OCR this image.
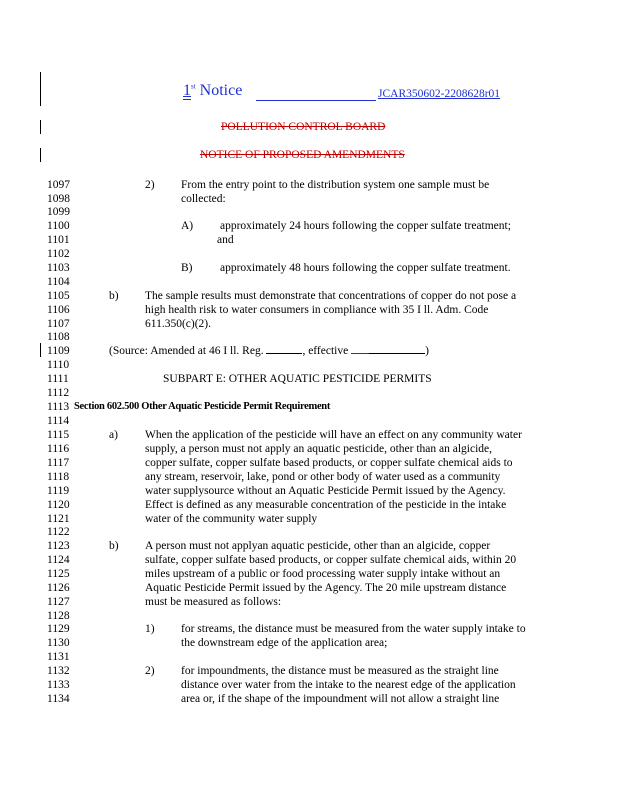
1st Notice	JCAR350602-2208628r01
POLLUTION CONTROL BOARD
NOTICE OF PROPOSED AMENDMENTS
1097
1098
1099
1100
1101
1102
1103
1104
1105
1106
1107
1108
1109
1110
1111
1112
1113
1114
1115
1116
1117
1118
1119
1120
1121
1122
1123
1124
1125
1126
1127
1128
1129
1130
1131
1132
1133
1134
2) From the entry point to the distribution system one sample must be
collected:
A) approximately 24 hours following the copper sulfate treatment;
and
B) approximately 48 hours following the copper sulfate treatment.
b) The sample results must demonstrate that concentrations of copper do not pose a
high health risk to water consumers in compliance with 35 I ll. Adm. Code
611.350(c)(2).
(Source: Amended at 46 I ll. Reg.	, effective	)
SUBPART E: OTHER AQUATIC PESTICIDE PERMITS
Section 602.500 Other Aquatic Pesticide Permit Requirement
a) When the application of the pesticide will have an effect on any community water
supply, a person must not apply an aquatic pesticide, other than an algicide,
copper sulfate, copper sulfate based products, or copper sulfate chemical aids to
any stream, reservoir, lake, pond or other body of water used as a community
water supplysource without an Aquatic Pesticide Permit issued by the Agency.
Effect is defined as any measurable concentration of the pesticide in the intake
water of the community water supply
b) A person must not applyan aquatic pesticide, other than an algicide, copper
sulfate, copper sulfate based products, or copper sulfate chemical aids, within 20
miles upstream of a public or food processing water supply intake without an
Aquatic Pesticide Permit issued by the Agency. The 20 mile upstream distance
must be measured as follows:
1) for streams, the distance must be measured from the water supply intake to
the downstream edge of the application area;
2) for impoundments, the distance must be measured as the straight line
distance over water from the intake to the nearest edge of the application
area or, if the shape of the impoundment will not allow a straight line
